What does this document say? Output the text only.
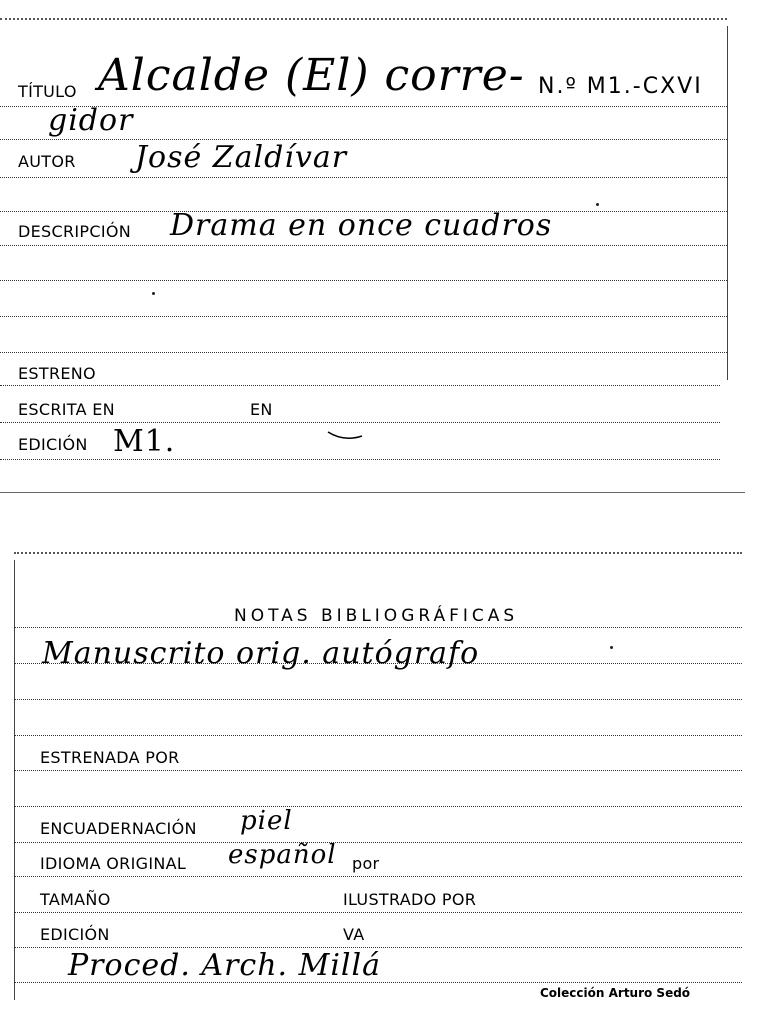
TÍTULO Alcalde (El) corre- N.º M1.-CXVI
gidor
AUTOR José Zaldívar
DESCRIPCIÓN Drama en once cuadros
ESTRENO
ESCRITA EN	EN
EDICIÓN M1.
NOTAS BIBLIOGRÁFICAS
Manuscrito orig. autógrafo
ESTRENADA POR
ENCUADERNACIÓN piel
IDIOMA ORIGINAL español por
TAMAÑO	ILUSTRADO POR
EDICIÓN	VA
Proced. Arch. Millá
Colección Arturo Sedó
